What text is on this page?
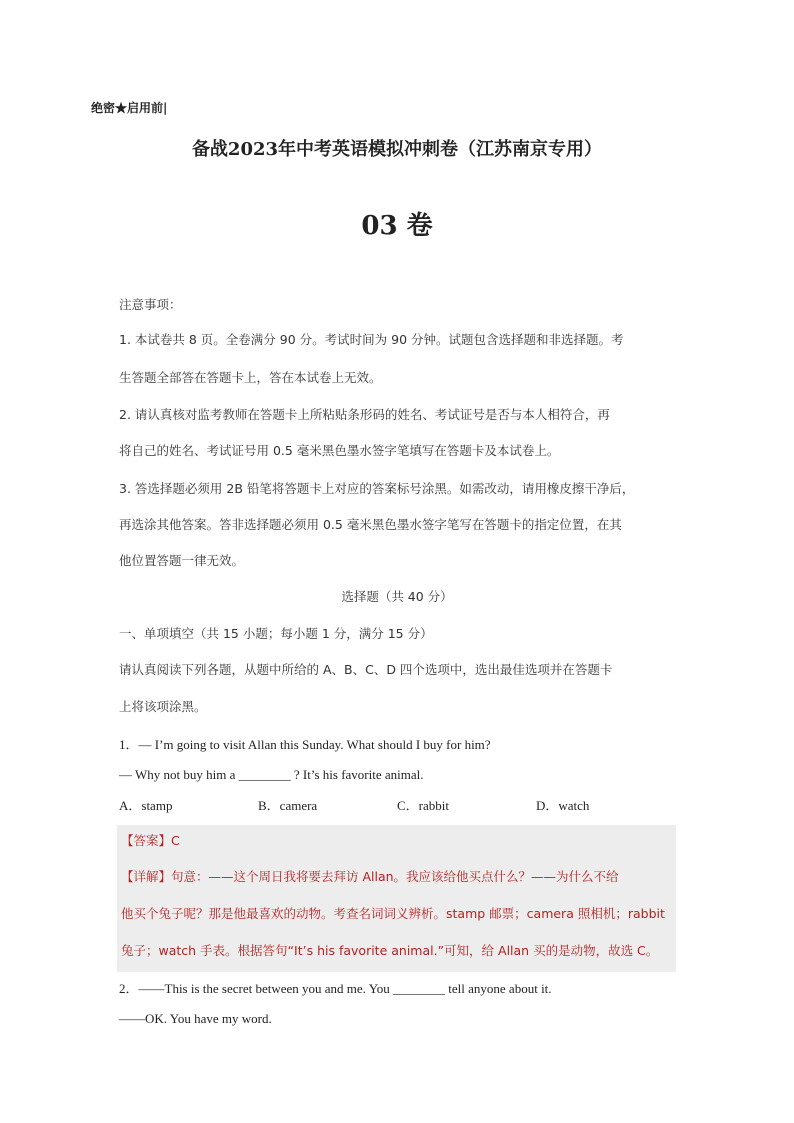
绝密★启用前|
备战2023年中考英语模拟冲刺卷（江苏南京专用）
03 卷
注意事项：
1. 本试卷共 8 页。全卷满分 90 分。考试时间为 90 分钟。试题包含选择题和非选择题。考
生答题全部答在答题卡上，答在本试卷上无效。
2. 请认真核对监考教师在答题卡上所粘贴条形码的姓名、考试证号是否与本人相符合，再
将自己的姓名、考试证号用 0.5 毫米黑色墨水签字笔填写在答题卡及本试卷上。
3. 答选择题必须用 2B 铅笔将答题卡上对应的答案标号涂黑。如需改动，请用橡皮擦干净后，
再选涂其他答案。答非选择题必须用 0.5 毫米黑色墨水签字笔写在答题卡的指定位置，在其
他位置答题一律无效。
选择题（共 40 分）
一、单项填空（共 15 小题；每小题 1 分，满分 15 分）
请认真阅读下列各题，从题中所给的 A、B、C、D 四个选项中，选出最佳选项并在答题卡
上将该项涂黑。
1．— I’m going to visit Allan this Sunday. What should I buy for him?
— Why not buy him a ________ ? It’s his favorite animal.
A．stamp	B．camera	C．rabbit	D．watch
【答案】C
【详解】句意：——这个周日我将要去拜访 Allan。我应该给他买点什么？——为什么不给
他买个兔子呢？那是他最喜欢的动物。考查名词词义辨析。stamp 邮票；camera 照相机；rabbit
兔子；watch 手表。根据答句“It’s his favorite animal.”可知，给 Allan 买的是动物，故选 C。
2．——This is the secret between you and me. You ________ tell anyone about it.
——OK. You have my word.
